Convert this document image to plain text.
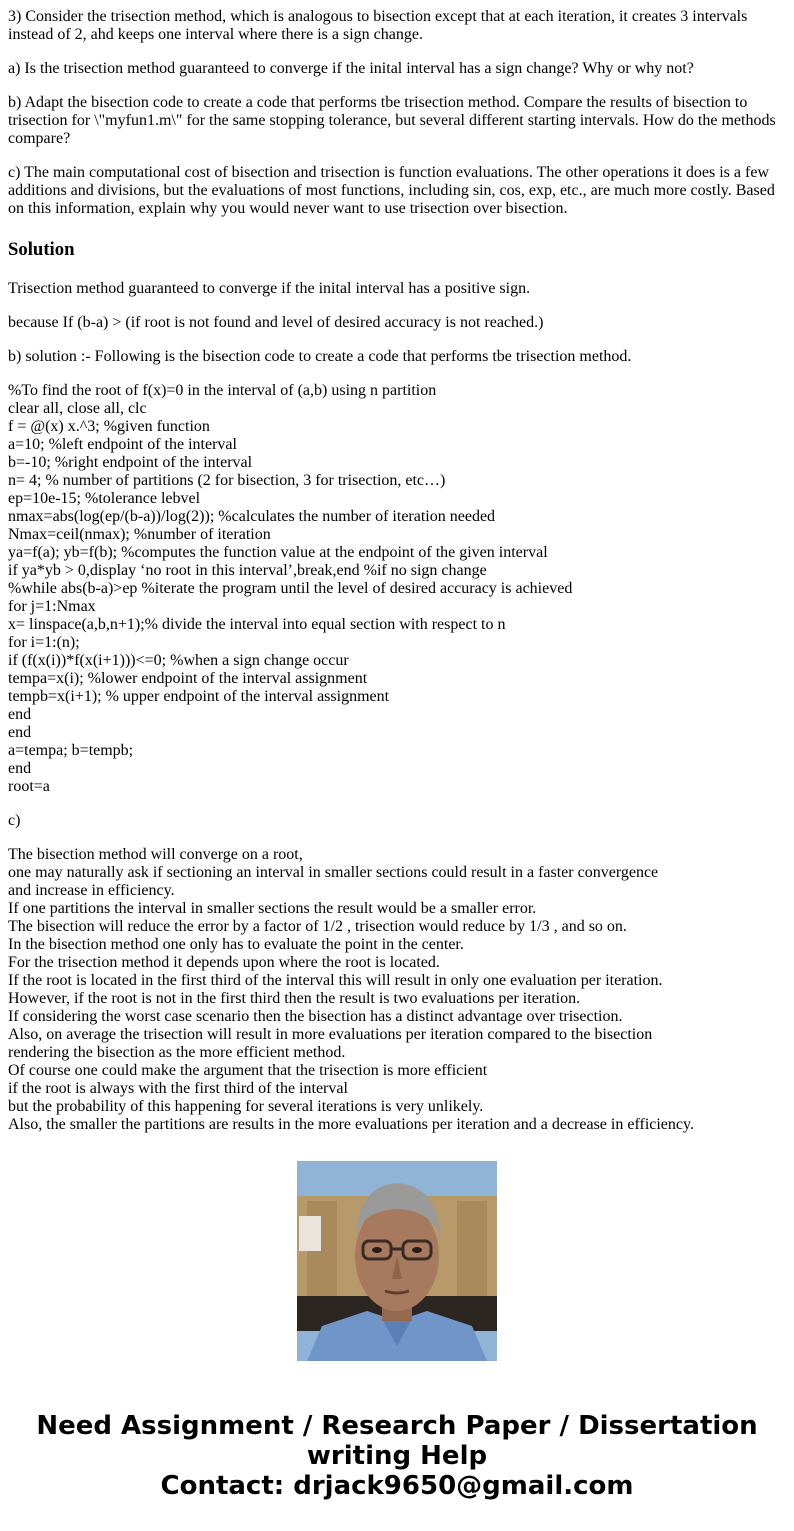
3) Consider the trisection method, which is analogous to bisection except that at each iteration, it creates 3 intervals instead of 2, ahd keeps one interval where there is a sign change.

a) Is the trisection method guaranteed to converge if the inital interval has a sign change? Why or why not?

b) Adapt the bisection code to create a code that performs tbe trisection method. Compare the results of bisection to trisection for \"myfun1.m\" for the same stopping tolerance, but several different starting intervals. How do the methods compare?

c) The main computational cost of bisection and trisection is function evaluations. The other operations it does is a few additions and divisions, but the evaluations of most functions, including sin, cos, exp, etc., are much more costly. Based on this information, explain why you would never want to use trisection over bisection.

Solution

Trisection method guaranteed to converge if the inital interval has a positive sign.

because If (b-a) > (if root is not found and level of desired accuracy is not reached.)

b) solution :- Following is the bisection code to create a code that performs tbe trisection method.

%To find the root of f(x)=0 in the interval of (a,b) using n partition
clear all, close all, clc
f = @(x) x.^3; %given function
a=10; %left endpoint of the interval
b=-10; %right endpoint of the interval
n= 4; % number of partitions (2 for bisection, 3 for trisection, etc…)
ep=10e-15; %tolerance lebvel
nmax=abs(log(ep/(b-a))/log(2)); %calculates the number of iteration needed
Nmax=ceil(nmax); %number of iteration
ya=f(a); yb=f(b); %computes the function value at the endpoint of the given interval
if ya*yb > 0,display ‘no root in this interval’,break,end %if no sign change
%while abs(b-a)>ep %iterate the program until the level of desired accuracy is achieved
for j=1:Nmax
x= linspace(a,b,n+1);% divide the interval into equal section with respect to n
for i=1:(n);
if (f(x(i))*f(x(i+1)))<=0; %when a sign change occur
tempa=x(i); %lower endpoint of the interval assignment
tempb=x(i+1); % upper endpoint of the interval assignment
end
end
a=tempa; b=tempb;
end
root=a

c)

The bisection method will converge on a root,
one may naturally ask if sectioning an interval in smaller sections could result in a faster convergence
and increase in efficiency.
If one partitions the interval in smaller sections the result would be a smaller error.
The bisection will reduce the error by a factor of 1/2 , trisection would reduce by 1/3 , and so on.
In the bisection method one only has to evaluate the point in the center.
For the trisection method it depends upon where the root is located.
If the root is located in the first third of the interval this will result in only one evaluation per iteration.
However, if the root is not in the first third then the result is two evaluations per iteration.
If considering the worst case scenario then the bisection has a distinct advantage over trisection.
Also, on average the trisection will result in more evaluations per iteration compared to the bisection
rendering the bisection as the more efficient method.
Of course one could make the argument that the trisection is more efficient
if the root is always with the first third of the interval
but the probability of this happening for several iterations is very unlikely.
Also, the smaller the partitions are results in the more evaluations per iteration and a decrease in efficiency.
Need Assignment / Research Paper / Dissertation
writing Help
Contact: drjack9650@gmail.com
